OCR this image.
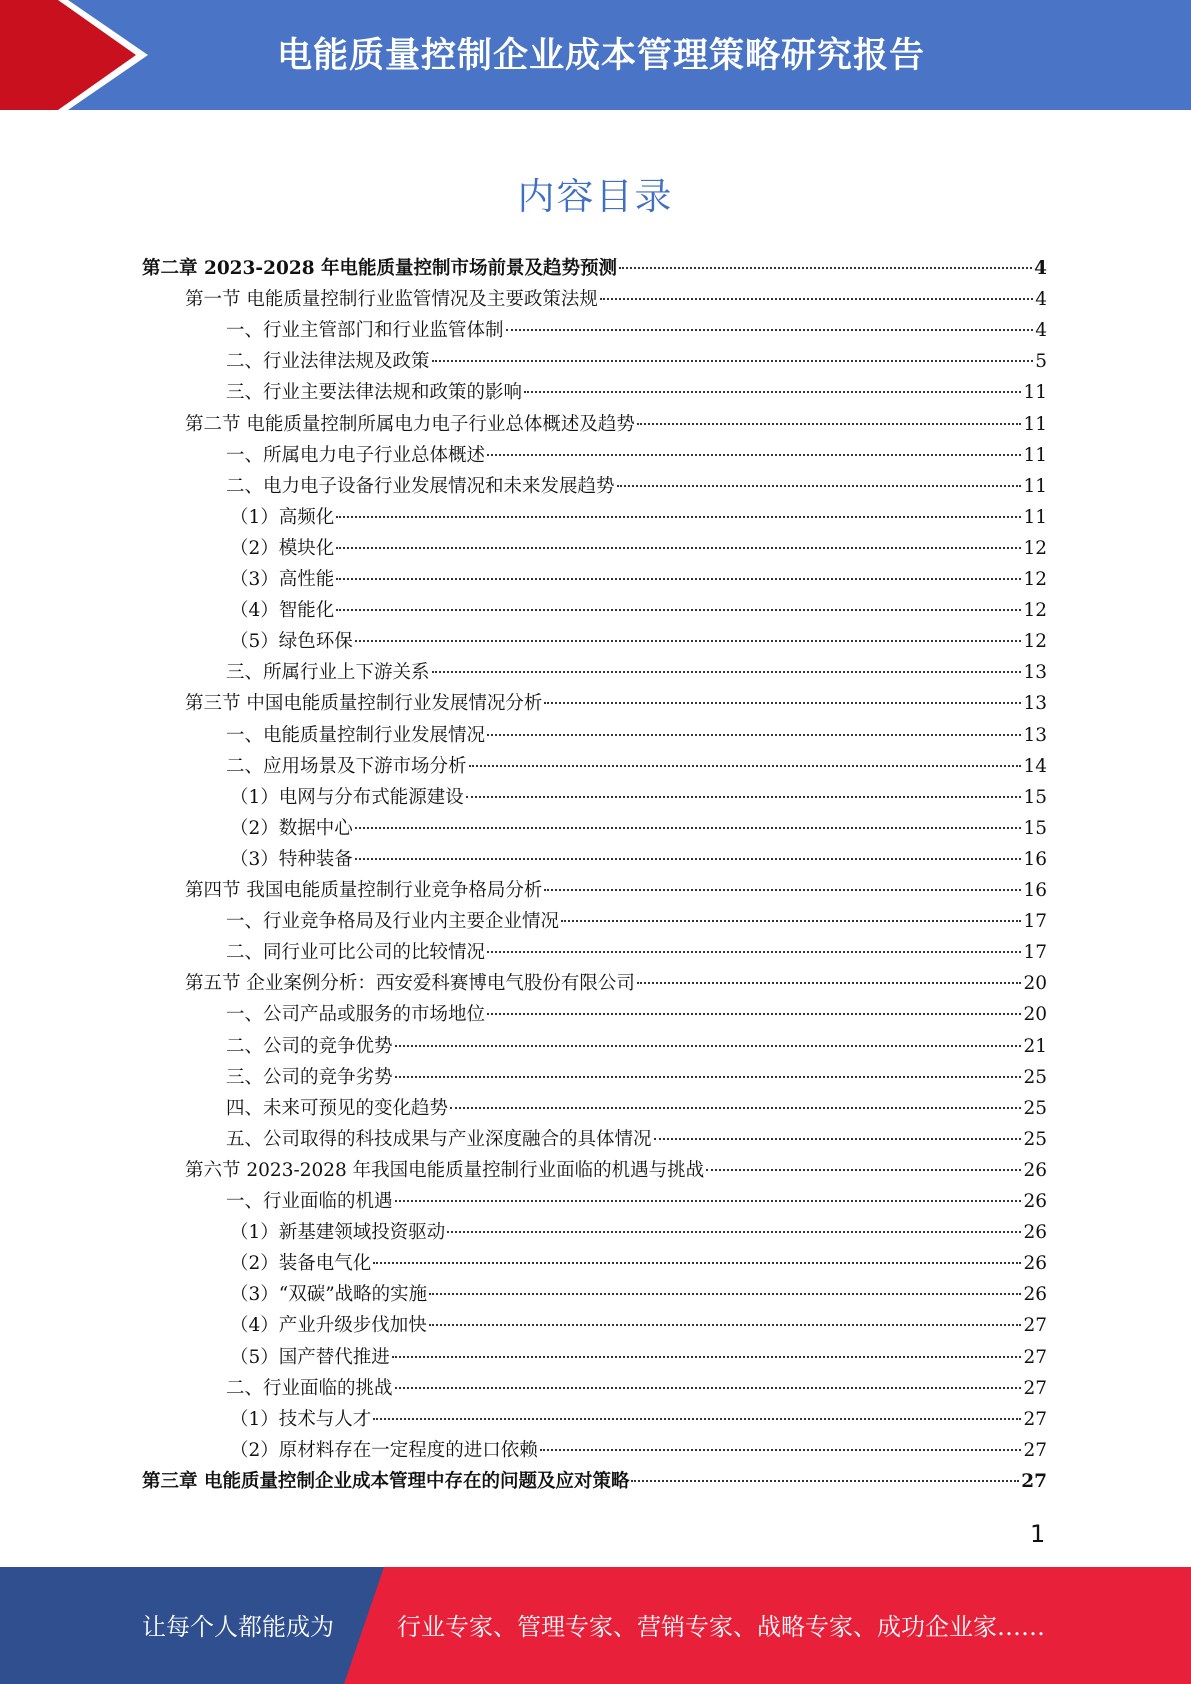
电能质量控制企业成本管理策略研究报告
内容目录
第二章 2023-2028 年电能质量控制市场前景及趋势预测	4
第一节 电能质量控制行业监管情况及主要政策法规	4
一、行业主管部门和行业监管体制	4
二、行业法律法规及政策	5
三、行业主要法律法规和政策的影响	11
第二节 电能质量控制所属电力电子行业总体概述及趋势	11
一、所属电力电子行业总体概述	11
二、电力电子设备行业发展情况和未来发展趋势	11
（1）高频化	11
（2）模块化	12
（3）高性能	12
（4）智能化	12
（5）绿色环保	12
三、所属行业上下游关系	13
第三节 中国电能质量控制行业发展情况分析	13
一、电能质量控制行业发展情况	13
二、应用场景及下游市场分析	14
（1）电网与分布式能源建设	15
（2）数据中心	15
（3）特种装备	16
第四节 我国电能质量控制行业竞争格局分析	16
一、行业竞争格局及行业内主要企业情况	17
二、同行业可比公司的比较情况	17
第五节 企业案例分析：西安爱科赛博电气股份有限公司	20
一、公司产品或服务的市场地位	20
二、公司的竞争优势	21
三、公司的竞争劣势	25
四、未来可预见的变化趋势	25
五、公司取得的科技成果与产业深度融合的具体情况	25
第六节 2023-2028 年我国电能质量控制行业面临的机遇与挑战	26
一、行业面临的机遇	26
（1）新基建领域投资驱动	26
（2）装备电气化	26
（3）“双碳”战略的实施	26
（4）产业升级步伐加快	27
（5）国产替代推进	27
二、行业面临的挑战	27
（1）技术与人才	27
（2）原材料存在一定程度的进口依赖	27
第三章 电能质量控制企业成本管理中存在的问题及应对策略	27
1
让每个人都能成为	行业专家、管理专家、营销专家、战略专家、成功企业家……
